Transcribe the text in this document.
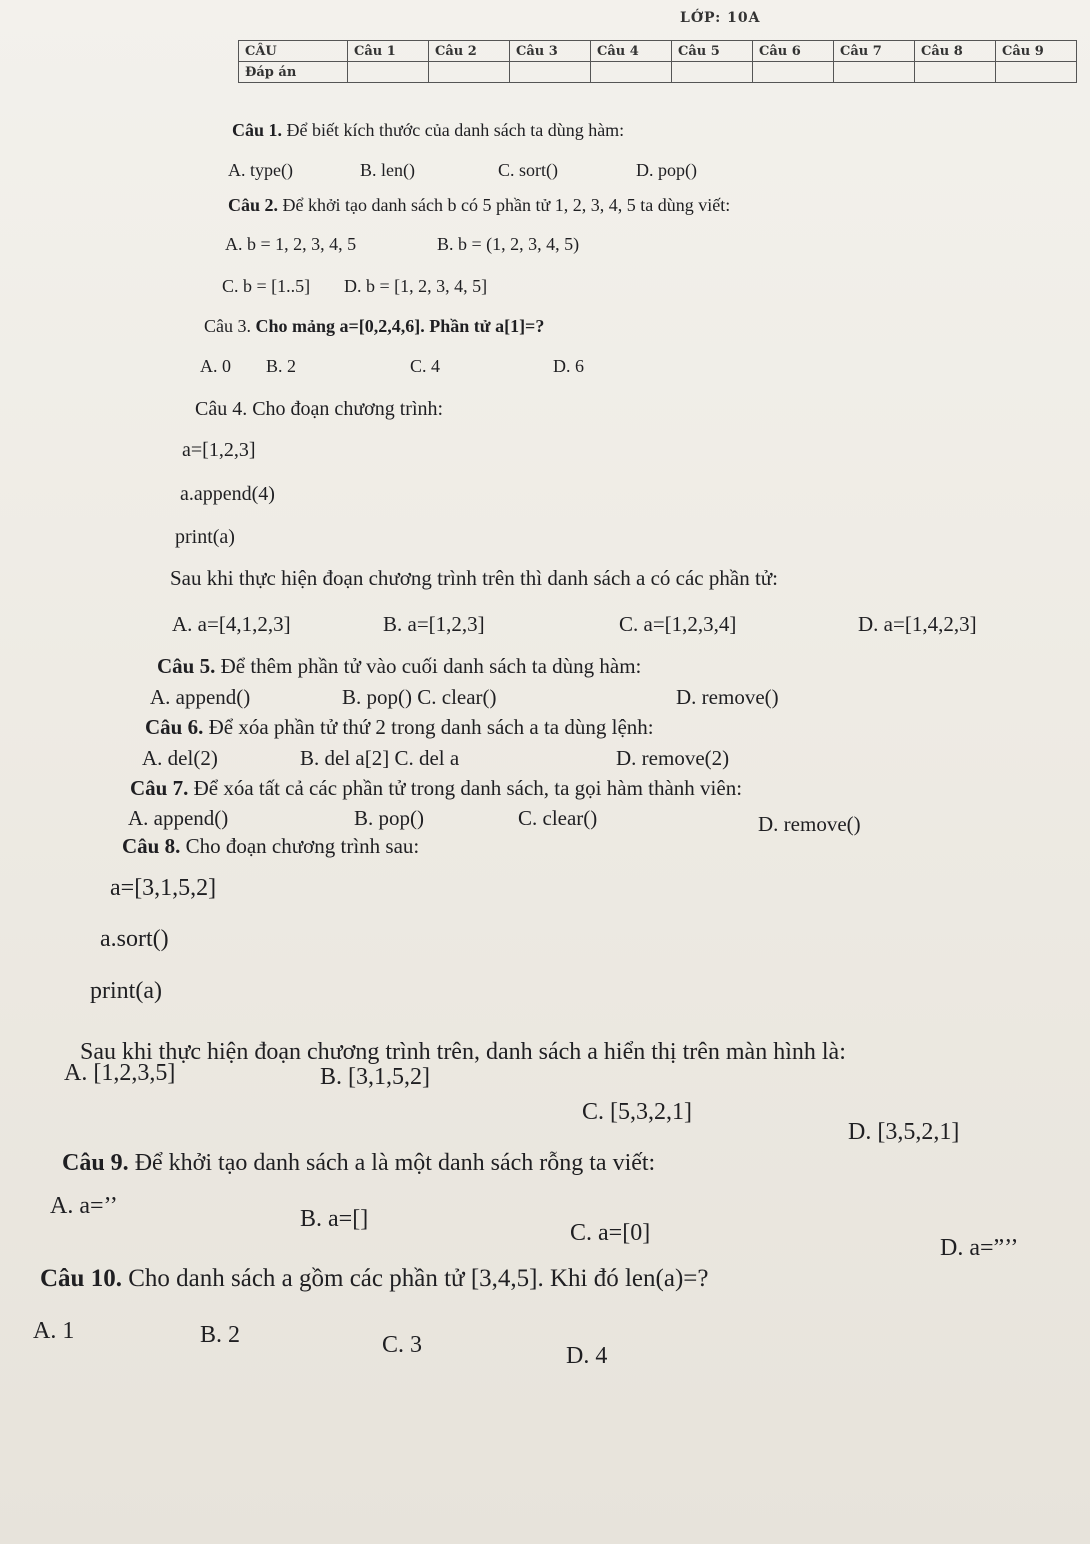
LỚP: 10A
CÂU	Câu 1	Câu 2	Câu 3	Câu 4	Câu 5	Câu 6	Câu 7	Câu 8	Câu 9
Đáp án									
Câu 1. Để biết kích thước của danh sách ta dùng hàm:
A. type()	B. len()	C. sort()	D. pop()
Câu 2. Để khởi tạo danh sách b có 5 phần tử 1, 2, 3, 4, 5 ta dùng viết:
A. b = 1, 2, 3, 4, 5	B. b = (1, 2, 3, 4, 5)
C. b = [1..5] D. b = [1, 2, 3, 4, 5]
Câu 3. Cho mảng a=[0,2,4,6]. Phần tử a[1]=?
A. 0 B. 2	C. 4	D. 6
Câu 4. Cho đoạn chương trình:
a=[1,2,3]
a.append(4)
print(a)
Sau khi thực hiện đoạn chương trình trên thì danh sách a có các phần tử:
A. a=[4,1,2,3]	B. a=[1,2,3]	C. a=[1,2,3,4]	D. a=[1,4,2,3]
Câu 5. Để thêm phần tử vào cuối danh sách ta dùng hàm:
A. append()	B. pop() C. clear()	D. remove()
Câu 6. Để xóa phần tử thứ 2 trong danh sách a ta dùng lệnh:
A. del(2)	B. del a[2] C. del a	D. remove(2)
Câu 7. Để xóa tất cả các phần tử trong danh sách, ta gọi hàm thành viên:
A. append()	B. pop()	C. clear()	D. remove()
Câu 8. Cho đoạn chương trình sau:
a=[3,1,5,2]
a.sort()
print(a)
Sau khi thực hiện đoạn chương trình trên, danh sách a hiển thị trên màn hình là:
A. [1,2,3,5]	B. [3,1,5,2]
C. [5,3,2,1]
D. [3,5,2,1]
Câu 9. Để khởi tạo danh sách a là một danh sách rỗng ta viết:
A. a=’’	B. a=[]
C. a=[0]
D. a=”’’
Câu 10. Cho danh sách a gồm các phần tử [3,4,5]. Khi đó len(a)=?
A. 1	B. 2	C. 3	D. 4
